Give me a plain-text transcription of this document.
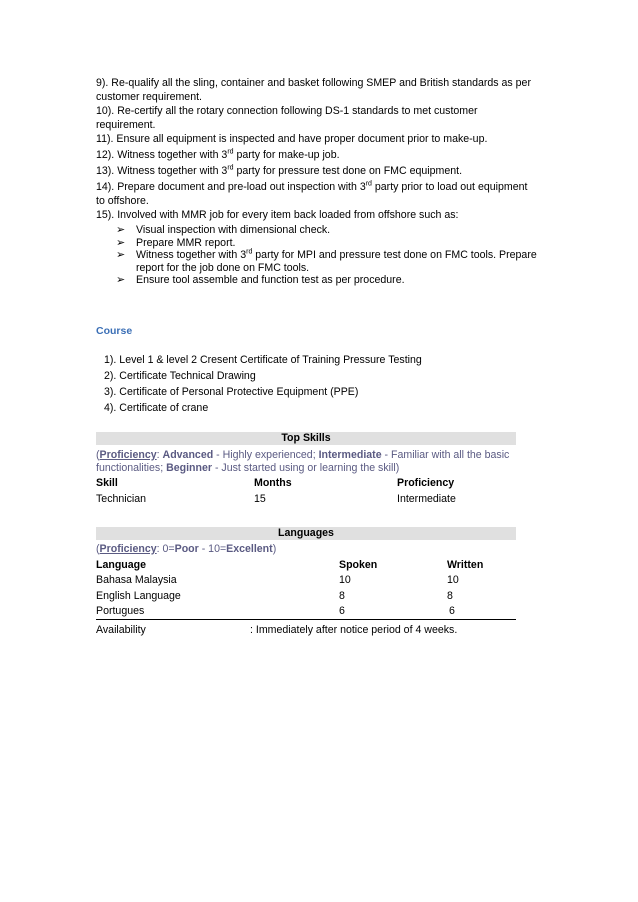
9). Re-qualify all the sling, container and basket following SMEP and British standards as per
customer requirement.
10). Re-certify all the rotary connection following DS-1 standards to met customer
requirement.
11). Ensure all equipment is inspected and have proper document prior to make-up.
12). Witness together with 3rd party for make-up job.
13). Witness together with 3rd party for pressure test done on FMC equipment.
14). Prepare document and pre-load out inspection with 3rd party prior to load out equipment
to offshore.
15). Involved with MMR job for every item back loaded from offshore such as:
➢	Visual inspection with dimensional check.
➢	Prepare MMR report.
➢	Witness together with 3rd party for MPI and pressure test done on FMC tools. Prepare report for the job done on FMC tools.
➢	Ensure tool assemble and function test as per procedure.
Course
1). Level 1 & level 2 Cresent Certificate of Training Pressure Testing
2). Certificate Technical Drawing
3). Certificate of Personal Protective Equipment (PPE)
4). Certificate of crane
Top Skills
(Proficiency: Advanced - Highly experienced; Intermediate - Familiar with all the basic functionalities; Beginner - Just started using or learning the skill)
Skill	Months	Proficiency
Technician	15	Intermediate
Languages
(Proficiency: 0=Poor - 10=Excellent)
Language	Spoken	Written
Bahasa Malaysia	10	10
English Language	8	8
Portugues	6	6
Availability	: Immediately after notice period of 4 weeks.
